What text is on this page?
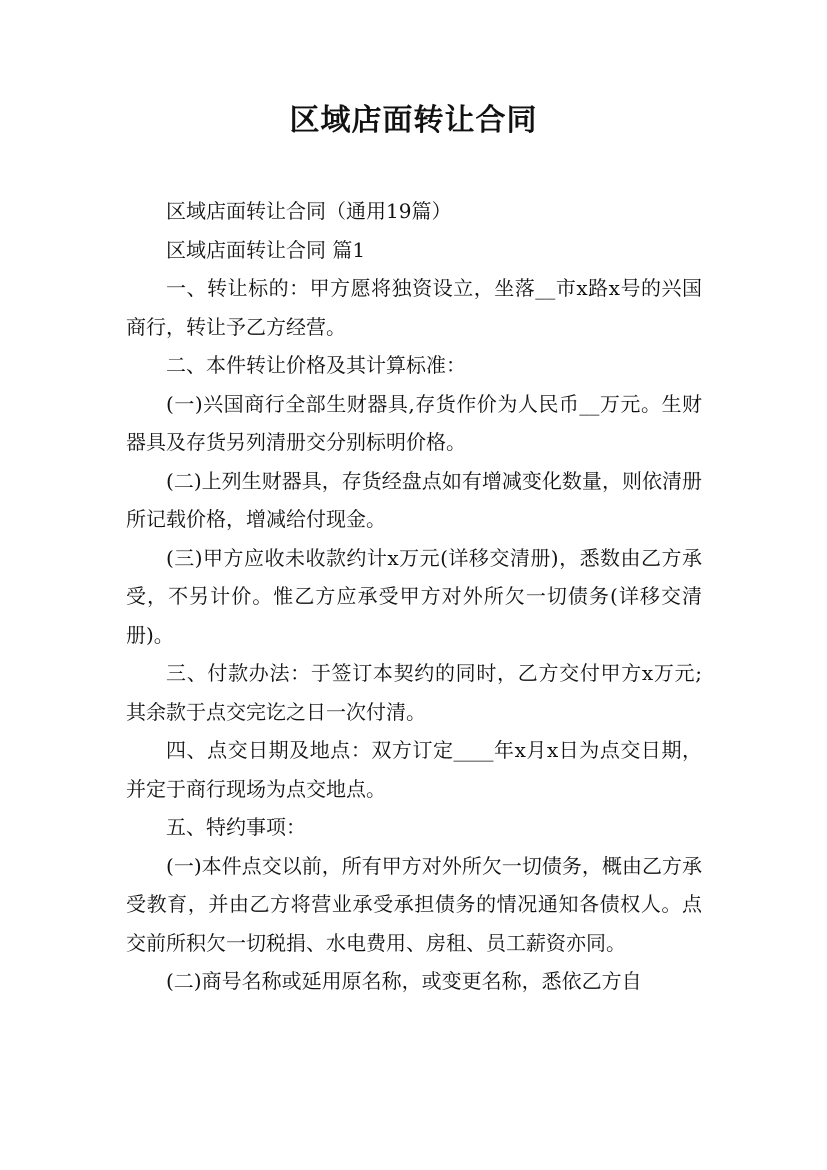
区域店面转让合同

区域店面转让合同（通用19篇）

区域店面转让合同 篇1

一、转让标的：甲方愿将独资设立，坐落__市x路x号的兴国商行，转让予乙方经营。

二、本件转让价格及其计算标准：

(一)兴国商行全部生财器具,存货作价为人民币__万元。生财器具及存货另列清册交分别标明价格。

(二)上列生财器具，存货经盘点如有增减变化数量，则依清册所记载价格，增减给付现金。

(三)甲方应收未收款约计x万元(详移交清册)，悉数由乙方承受，不另计价。惟乙方应承受甲方对外所欠一切债务(详移交清册)。

三、付款办法：于签订本契约的同时，乙方交付甲方x万元;其余款于点交完讫之日一次付清。

四、点交日期及地点：双方订定____年x月x日为点交日期，并定于商行现场为点交地点。

五、特约事项：

(一)本件点交以前，所有甲方对外所欠一切债务，概由乙方承受教育，并由乙方将营业承受承担债务的情况通知各债权人。点交前所积欠一切税捐、水电费用、房租、员工薪资亦同。

(二)商号名称或延用原名称，或变更名称，悉依乙方自
